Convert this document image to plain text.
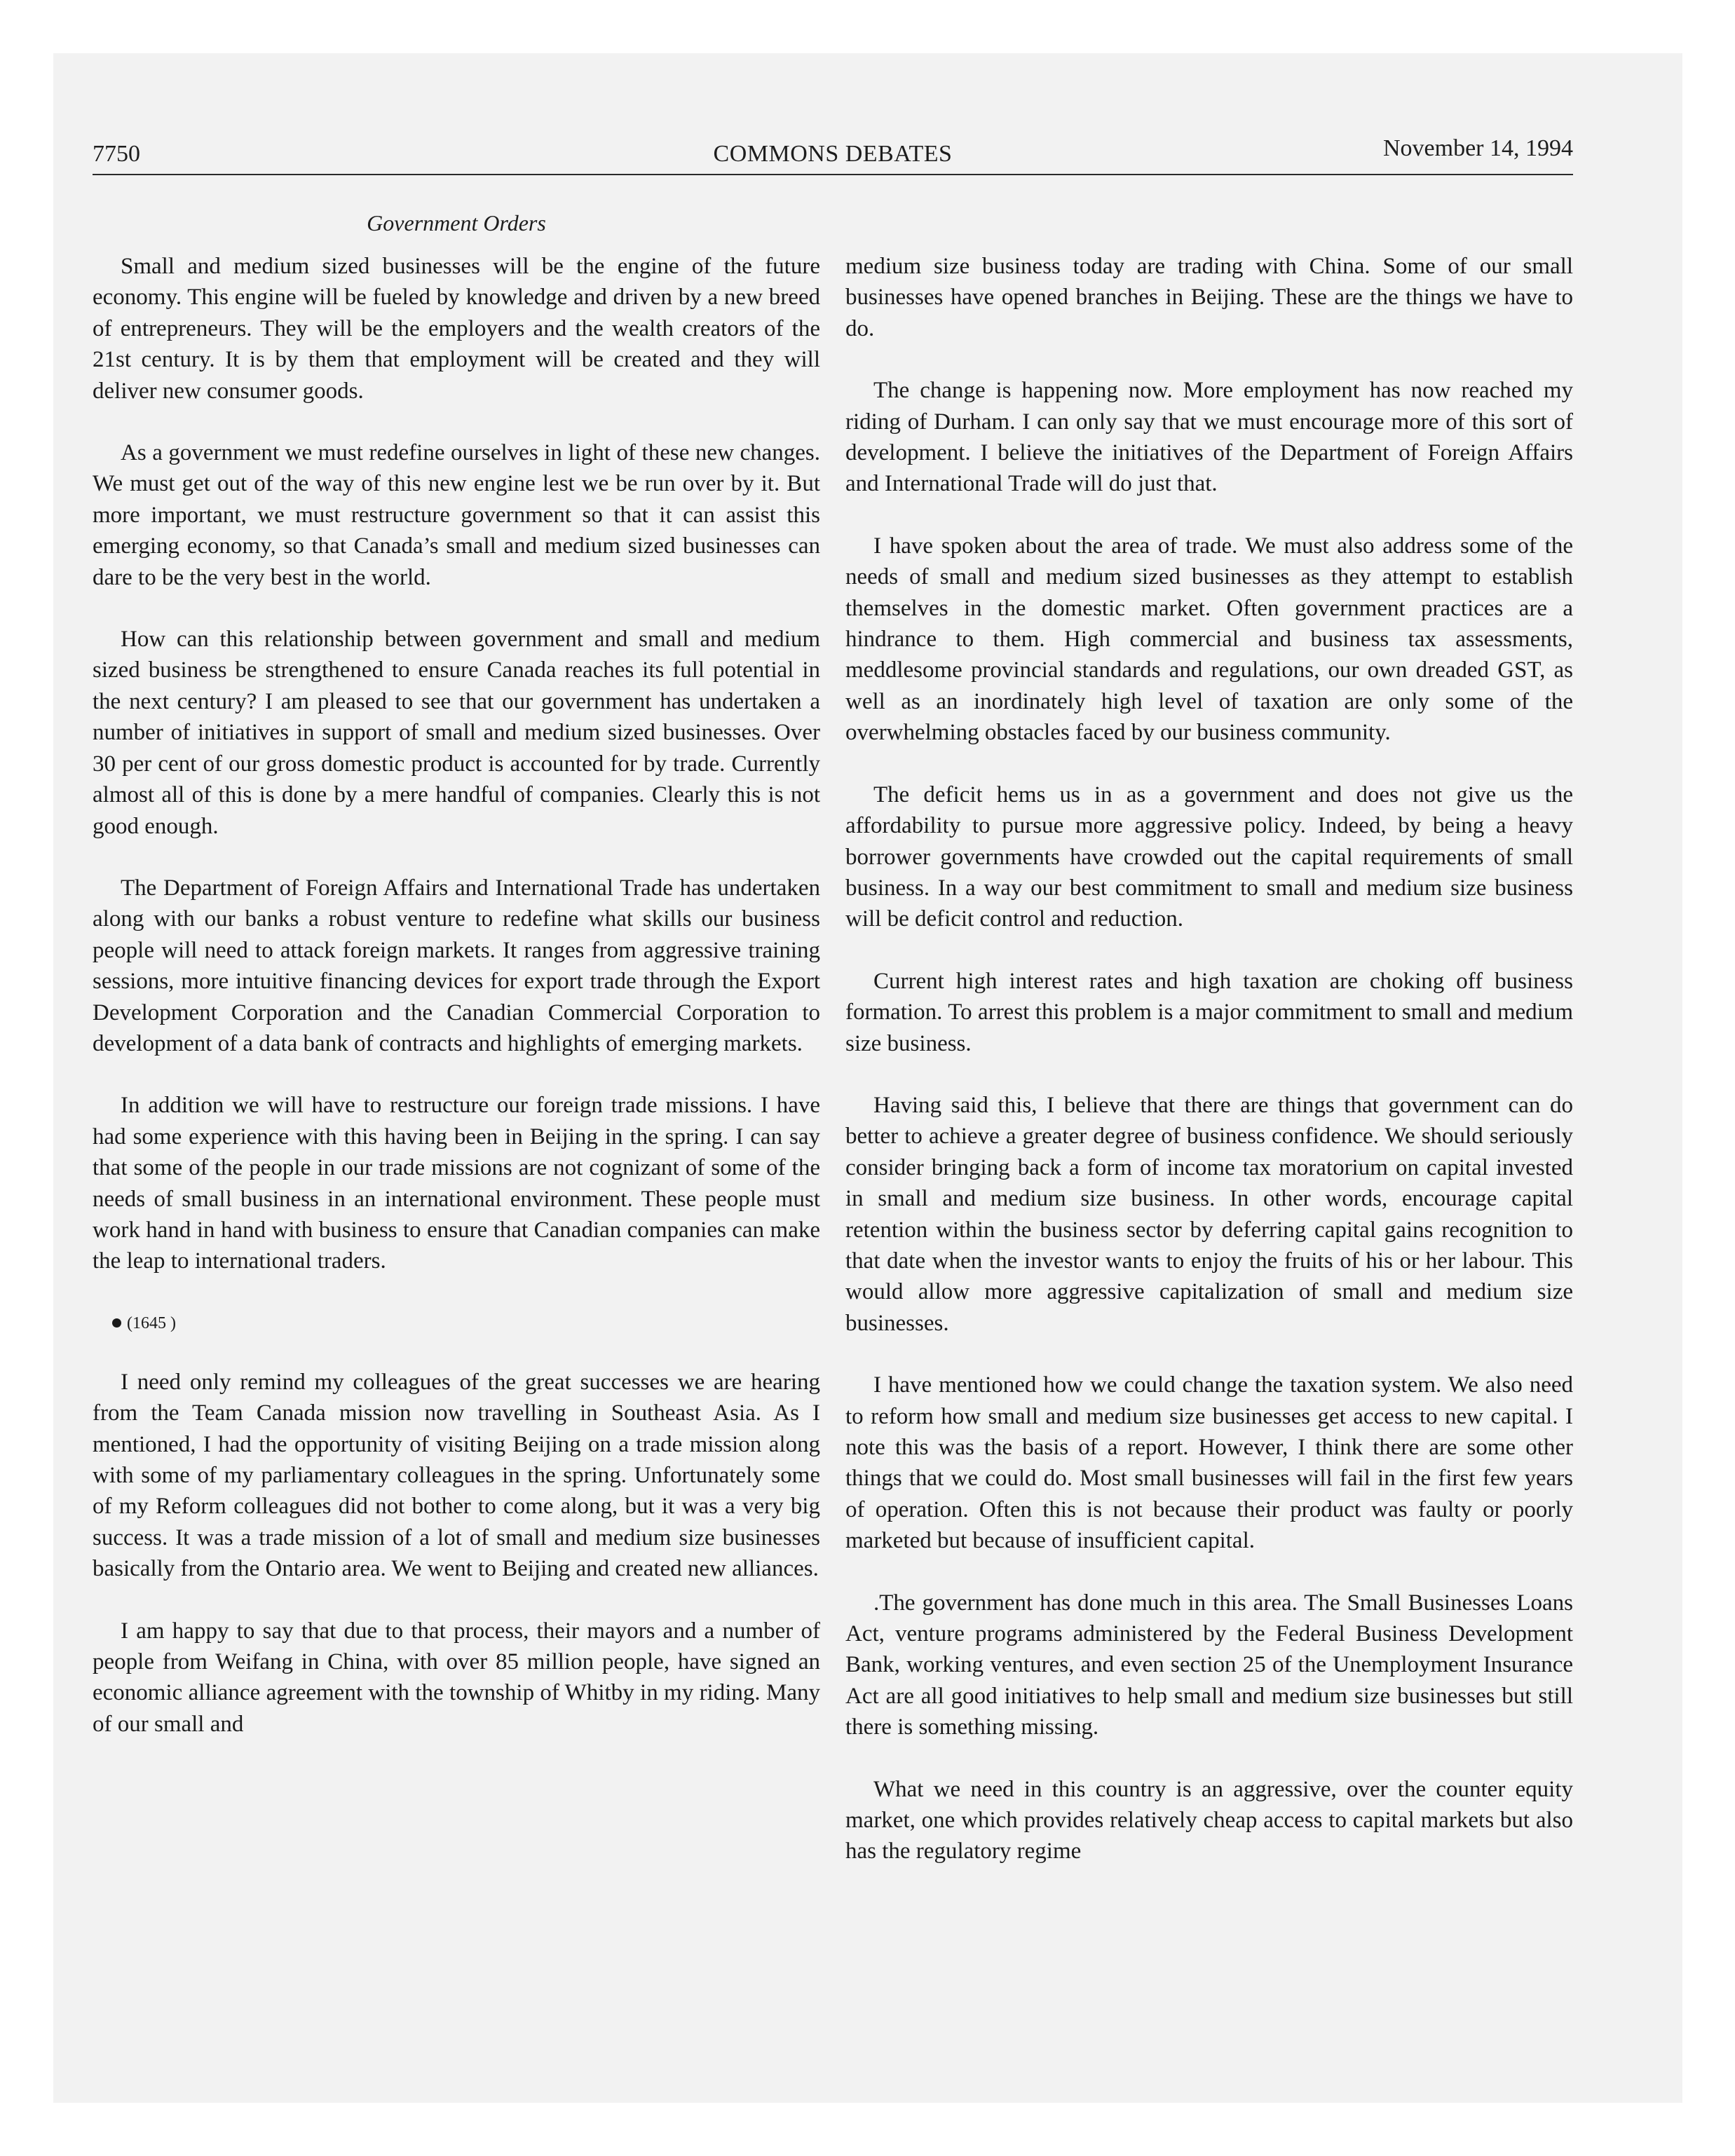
7750	COMMONS DEBATES	November 14, 1994
Government Orders

Small and medium sized businesses will be the engine of the future economy. This engine will be fueled by knowledge and driven by a new breed of entrepreneurs. They will be the employers and the wealth creators of the 21st century. It is by them that employment will be created and they will deliver new consumer goods.

As a government we must redefine ourselves in light of these new changes. We must get out of the way of this new engine lest we be run over by it. But more important, we must restructure government so that it can assist this emerging economy, so that Canada’s small and medium sized businesses can dare to be the very best in the world.

How can this relationship between government and small and medium sized business be strengthened to ensure Canada reaches its full potential in the next century? I am pleased to see that our government has undertaken a number of initiatives in support of small and medium sized businesses. Over 30 per cent of our gross domestic product is accounted for by trade. Currently almost all of this is done by a mere handful of companies. Clearly this is not good enough.

The Department of Foreign Affairs and International Trade has undertaken along with our banks a robust venture to redefine what skills our business people will need to attack foreign markets. It ranges from aggressive training sessions, more intuitive financing devices for export trade through the Export Development Corporation and the Canadian Commercial Corporation to development of a data bank of contracts and highlights of emerging markets.

In addition we will have to restructure our foreign trade missions. I have had some experience with this having been in Beijing in the spring. I can say that some of the people in our trade missions are not cognizant of some of the needs of small business in an international environment. These people must work hand in hand with business to ensure that Canadian companies can make the leap to international traders.

(1645 )

I need only remind my colleagues of the great successes we are hearing from the Team Canada mission now travelling in Southeast Asia. As I mentioned, I had the opportunity of visiting Beijing on a trade mission along with some of my parliamentary colleagues in the spring. Unfortunately some of my Reform colleagues did not bother to come along, but it was a very big success. It was a trade mission of a lot of small and medium size businesses basically from the Ontario area. We went to Beijing and created new alliances.

I am happy to say that due to that process, their mayors and a number of people from Weifang in China, with over 85 million people, have signed an economic alliance agreement with the township of Whitby in my riding. Many of our small and

medium size business today are trading with China. Some of our small businesses have opened branches in Beijing. These are the things we have to do.

The change is happening now. More employment has now reached my riding of Durham. I can only say that we must encourage more of this sort of development. I believe the initiatives of the Department of Foreign Affairs and International Trade will do just that.

I have spoken about the area of trade. We must also address some of the needs of small and medium sized businesses as they attempt to establish themselves in the domestic market. Often government practices are a hindrance to them. High commercial and business tax assessments, meddlesome provincial standards and regulations, our own dreaded GST, as well as an inordinately high level of taxation are only some of the overwhelming obstacles faced by our business community.

The deficit hems us in as a government and does not give us the affordability to pursue more aggressive policy. Indeed, by being a heavy borrower governments have crowded out the capital requirements of small business. In a way our best commitment to small and medium size business will be deficit control and reduction.

Current high interest rates and high taxation are choking off business formation. To arrest this problem is a major commitment to small and medium size business.

Having said this, I believe that there are things that government can do better to achieve a greater degree of business confidence. We should seriously consider bringing back a form of income tax moratorium on capital invested in small and medium size business. In other words, encourage capital retention within the business sector by deferring capital gains recognition to that date when the investor wants to enjoy the fruits of his or her labour. This would allow more aggressive capitalization of small and medium size businesses.

I have mentioned how we could change the taxation system. We also need to reform how small and medium size businesses get access to new capital. I note this was the basis of a report. However, I think there are some other things that we could do. Most small businesses will fail in the first few years of operation. Often this is not because their product was faulty or poorly marketed but because of insufficient capital.

.The government has done much in this area. The Small Businesses Loans Act, venture programs administered by the Federal Business Development Bank, working ventures, and even section 25 of the Unemployment Insurance Act are all good initiatives to help small and medium size businesses but still there is something missing.

What we need in this country is an aggressive, over the counter equity market, one which provides relatively cheap access to capital markets but also has the regulatory regime
